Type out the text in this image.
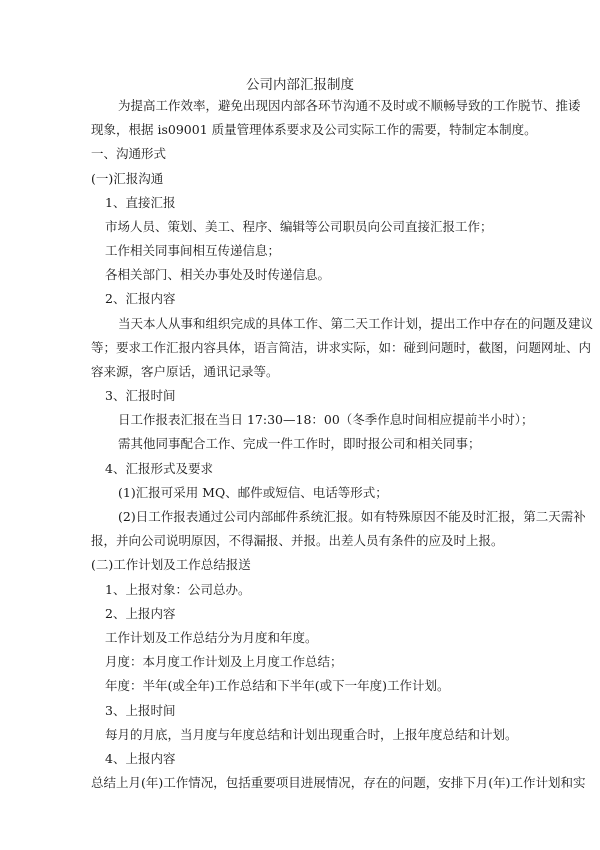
公司内部汇报制度

为提高工作效率，避免出现因内部各环节沟通不及时或不顺畅导致的工作脱节、推诿

现象，根据 is09001 质量管理体系要求及公司实际工作的需要，特制定本制度。

一、沟通形式

(一)汇报沟通

1、直接汇报

市场人员、策划、美工、程序、编辑等公司职员向公司直接汇报工作；

工作相关同事间相互传递信息；

各相关部门、相关办事处及时传递信息。

2、汇报内容

当天本人从事和组织完成的具体工作、第二天工作计划，提出工作中存在的问题及建议

等；要求工作汇报内容具体，语言简洁，讲求实际，如：碰到问题时，截图，问题网址、内

容来源，客户原话，通讯记录等。

3、汇报时间

日工作报表汇报在当日 17:30—18：00（冬季作息时间相应提前半小时）；

需其他同事配合工作、完成一件工作时，即时报公司和相关同事；

4、汇报形式及要求

(1)汇报可采用 MQ、邮件或短信、电话等形式；

(2)日工作报表通过公司内部邮件系统汇报。如有特殊原因不能及时汇报，第二天需补

报，并向公司说明原因，不得漏报、并报。出差人员有条件的应及时上报。

(二)工作计划及工作总结报送

1、上报对象：公司总办。

2、上报内容

工作计划及工作总结分为月度和年度。

月度：本月度工作计划及上月度工作总结；

年度：半年(或全年)工作总结和下半年(或下一年度)工作计划。

3、上报时间

每月的月底，当月度与年度总结和计划出现重合时，上报年度总结和计划。

4、上报内容

总结上月(年)工作情况，包括重要项目进展情况，存在的问题，安排下月(年)工作计划和实
